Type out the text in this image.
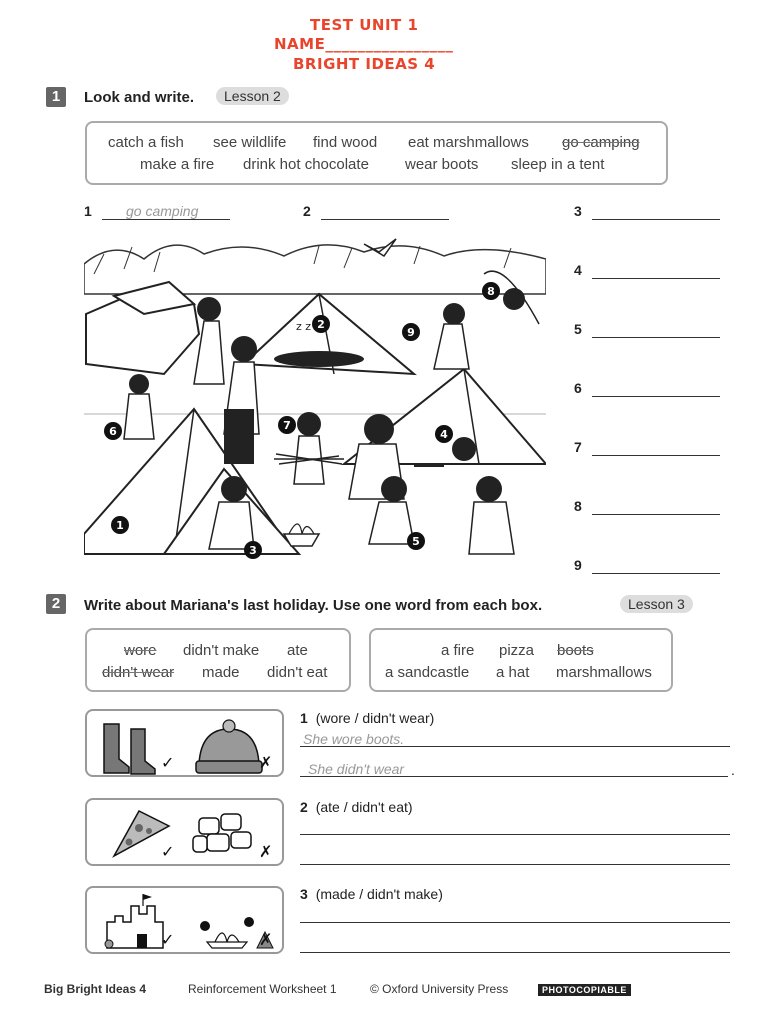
TEST UNIT 1
NAME________________
BRIGHT IDEAS 4
1	Look and write.	Lesson 2
catch a fish see wildlife find wood eat marshmallows go camping
make a fire drink hot chocolate wear boots sleep in a tent
1 go camping	2	3
4
5
6
7
8
9
z z
1
2
3
4
5
6	7
8
9
2	Write about Mariana's last holiday. Use one word from each box.	Lesson 3
wore didn't make ate
didn't wear made didn't eat
a fire pizza boots
a sandcastle a hat marshmallows
✓	✗
1 (wore / didn't wear)
She wore boots.
She didn't wear	.
✓	✗
2 (ate / didn't eat)
✓	✗
3 (made / didn't make)
Big Bright Ideas 4	Reinforcement Worksheet 1	© Oxford University Press	PHOTOCOPIABLE
